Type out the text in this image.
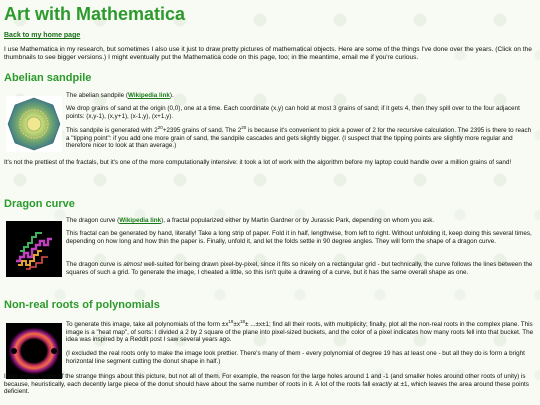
Art with Mathematica
Back to my home page

I use Mathematica in my research, but sometimes I also use it just to draw pretty pictures of mathematical objects. Here are some of the things I've done over the years. (Click on the thumbnails to see bigger versions.) I might eventually put the Mathematica code on this page, too; in the meantime, email me if you're curious.

Abelian sandpile

The abelian sandpile (Wikipedia link).

We drop grains of sand at the origin (0,0), one at a time. Each coordinate (x,y) can hold at most 3 grains of sand; if it gets 4, then they spill over to the four adjacent points: (x,y-1), (x,y+1), (x-1,y), (x+1,y).

This sandpile is generated with $2^{20}+2395$ grains of sand. The $2^{20}$ is because it's convenient to pick a power of 2 for the recursive calculation. The 2395 is there to reach a "tipping point": if you add one more grain of sand, the sandpile cascades and gets slightly bigger. (I suspect that the tipping points are slightly more regular and therefore nicer to look at than average.)

It's not the prettiest of the fractals, but it's one of the more computationally intensive: it took a lot of work with the algorithm before my laptop could handle over a million grains of sand!

Dragon curve

The dragon curve (Wikipedia link), a fractal popularized either by Martin Gardner or by Jurassic Park, depending on whom you ask.

This fractal can be generated by hand, literally! Take a long strip of paper. Fold it in half, lengthwise, from left to right. Without unfolding it, keep doing this several times, depending on how long and how thin the paper is. Finally, unfold it, and let the folds settle in 90 degree angles. They will form the shape of a dragon curve.

The dragon curve is almost well-suited for being drawn pixel-by-pixel, since it fits so nicely on a rectangular grid - but technically, the curve follows the lines between the squares of such a grid. To generate the image, I cheated a little, so this isn't quite a drawing of a curve, but it has the same overall shape as one.

Non-real roots of polynomials

To generate this image, take all polynomials of the form $\pm x^{19}\pm x^{18}\pm ...\pm x\pm 1$; find all their roots, with multiplicity; finally, plot all the non-real roots in the complex plane. This image is a "heat map", of sorts: I divided a 2 by 2 square of the plane into pixel-sized buckets, and the color of a pixel indicates how many roots fell into that bucket. The idea was inspired by a Reddit post I saw several years ago.

(I excluded the real roots only to make the image look prettier. There's many of them - every polynomial of degree 19 has at least one - but all they do is form a bright horizontal line segment cutting the donut shape in half.)

I can explain some of the strange things about this picture, but not all of them. For example, the reason for the large holes around 1 and -1 (and smaller holes around other roots of unity) is because, heuristically, each decently large piece of the donut should have about the same number of roots in it. A lot of the roots fall exactly at ±1, which leaves the area around these points deficient.
